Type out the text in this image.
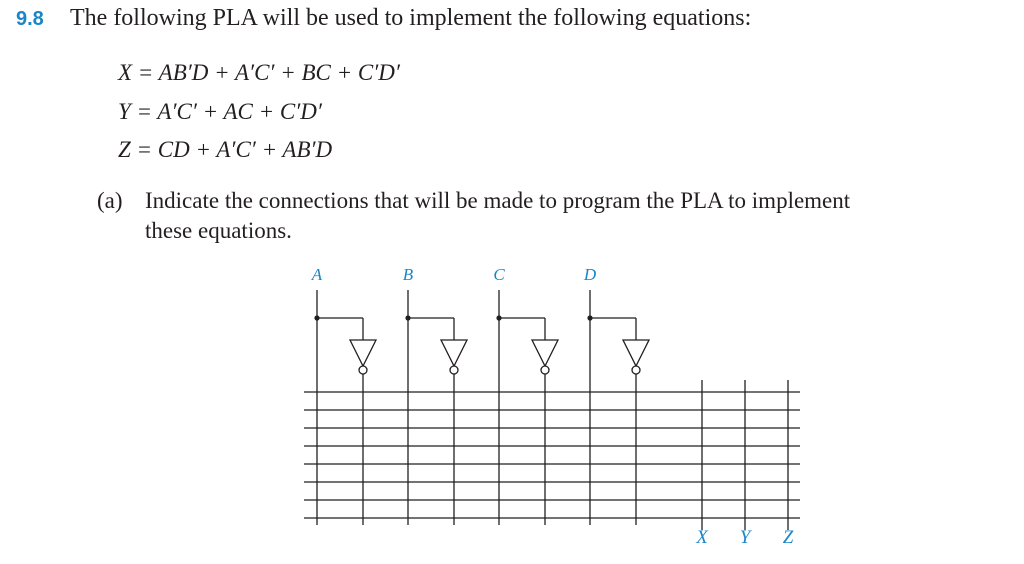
9.8 The following PLA will be used to implement the following equations:
X = AB′D + A′C′ + BC + C′D′
Y = A′C′ + AC + C′D′
Z = CD + A′C′ + AB′D
(a) Indicate the connections that will be made to program the PLA to implement
these equations.
A	B	C	D
X Y Z
